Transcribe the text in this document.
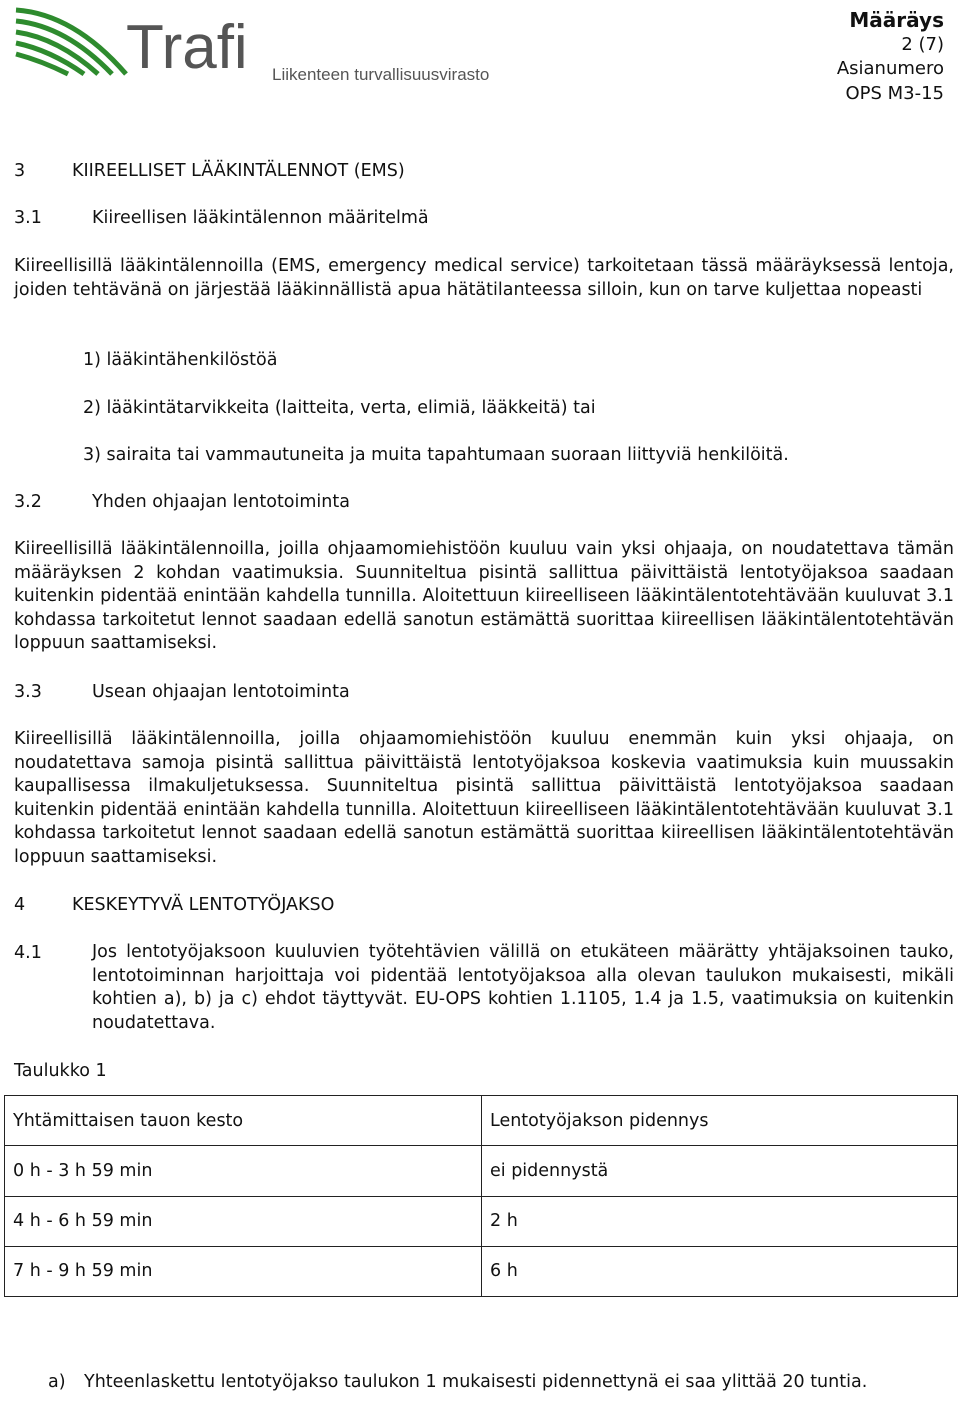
Trafi Liikenteen turvallisuusvirasto
Määräys
2 (7)
Asianumero
OPS M3-15
3	KIIREELLISET LÄÄKINTÄLENNOT (EMS)
3.1	Kiireellisen lääkintälennon määritelmä
Kiireellisillä lääkintälennoilla (EMS, emergency medical service) tarkoitetaan tässä määräyksessä lentoja, joiden tehtävänä on järjestää lääkinnällistä apua hätätilanteessa silloin, kun on tarve kuljettaa nopeasti
1) lääkintähenkilöstöä
2) lääkintätarvikkeita (laitteita, verta, elimiä, lääkkeitä) tai
3) sairaita tai vammautuneita ja muita tapahtumaan suoraan liittyviä henkilöitä.
3.2	Yhden ohjaajan lentotoiminta
Kiireellisillä lääkintälennoilla, joilla ohjaamomiehistöön kuuluu vain yksi ohjaaja, on noudatettava tämän määräyksen 2 kohdan vaatimuksia. Suunniteltua pisintä sallittua päivittäistä lentotyöjaksoa saadaan kuitenkin pidentää enintään kahdella tunnilla. Aloitettuun kiireelliseen lääkintälentotehtävään kuuluvat 3.1 kohdassa tarkoitetut lennot saadaan edellä sanotun estämättä suorittaa kiireellisen lääkintälentotehtävän loppuun saattamiseksi.
3.3	Usean ohjaajan lentotoiminta
Kiireellisillä lääkintälennoilla, joilla ohjaamomiehistöön kuuluu enemmän kuin yksi ohjaaja, on noudatettava samoja pisintä sallittua päivittäistä lentotyöjaksoa koskevia vaatimuksia kuin muussakin kaupallisessa ilmakuljetuksessa. Suunniteltua pisintä sallittua päivittäistä lentotyöjaksoa saadaan kuitenkin pidentää enintään kahdella tunnilla. Aloitettuun kiireelliseen lääkintälentotehtävään kuuluvat 3.1 kohdassa tarkoitetut lennot saadaan edellä sanotun estämättä suorittaa kiireellisen lääkintälentotehtävän loppuun saattamiseksi.
4	KESKEYTYVÄ LENTOTYÖJAKSO
4.1	Jos lentotyöjaksoon kuuluvien työtehtävien välillä on etukäteen määrätty yhtäjaksoinen tauko, lentotoiminnan harjoittaja voi pidentää lentotyöjaksoa alla olevan taulukon mukaisesti, mikäli kohtien a), b) ja c) ehdot täyttyvät. EU-OPS kohtien 1.1105, 1.4 ja 1.5, vaatimuksia on kuitenkin noudatettava.
Taulukko 1
Yhtämittaisen tauon kesto	Lentotyöjakson pidennys
0 h - 3 h 59 min	ei pidennystä
4 h - 6 h 59 min	2 h
7 h - 9 h 59 min	6 h
a) Yhteenlaskettu lentotyöjakso taulukon 1 mukaisesti pidennettynä ei saa ylittää 20 tuntia.
